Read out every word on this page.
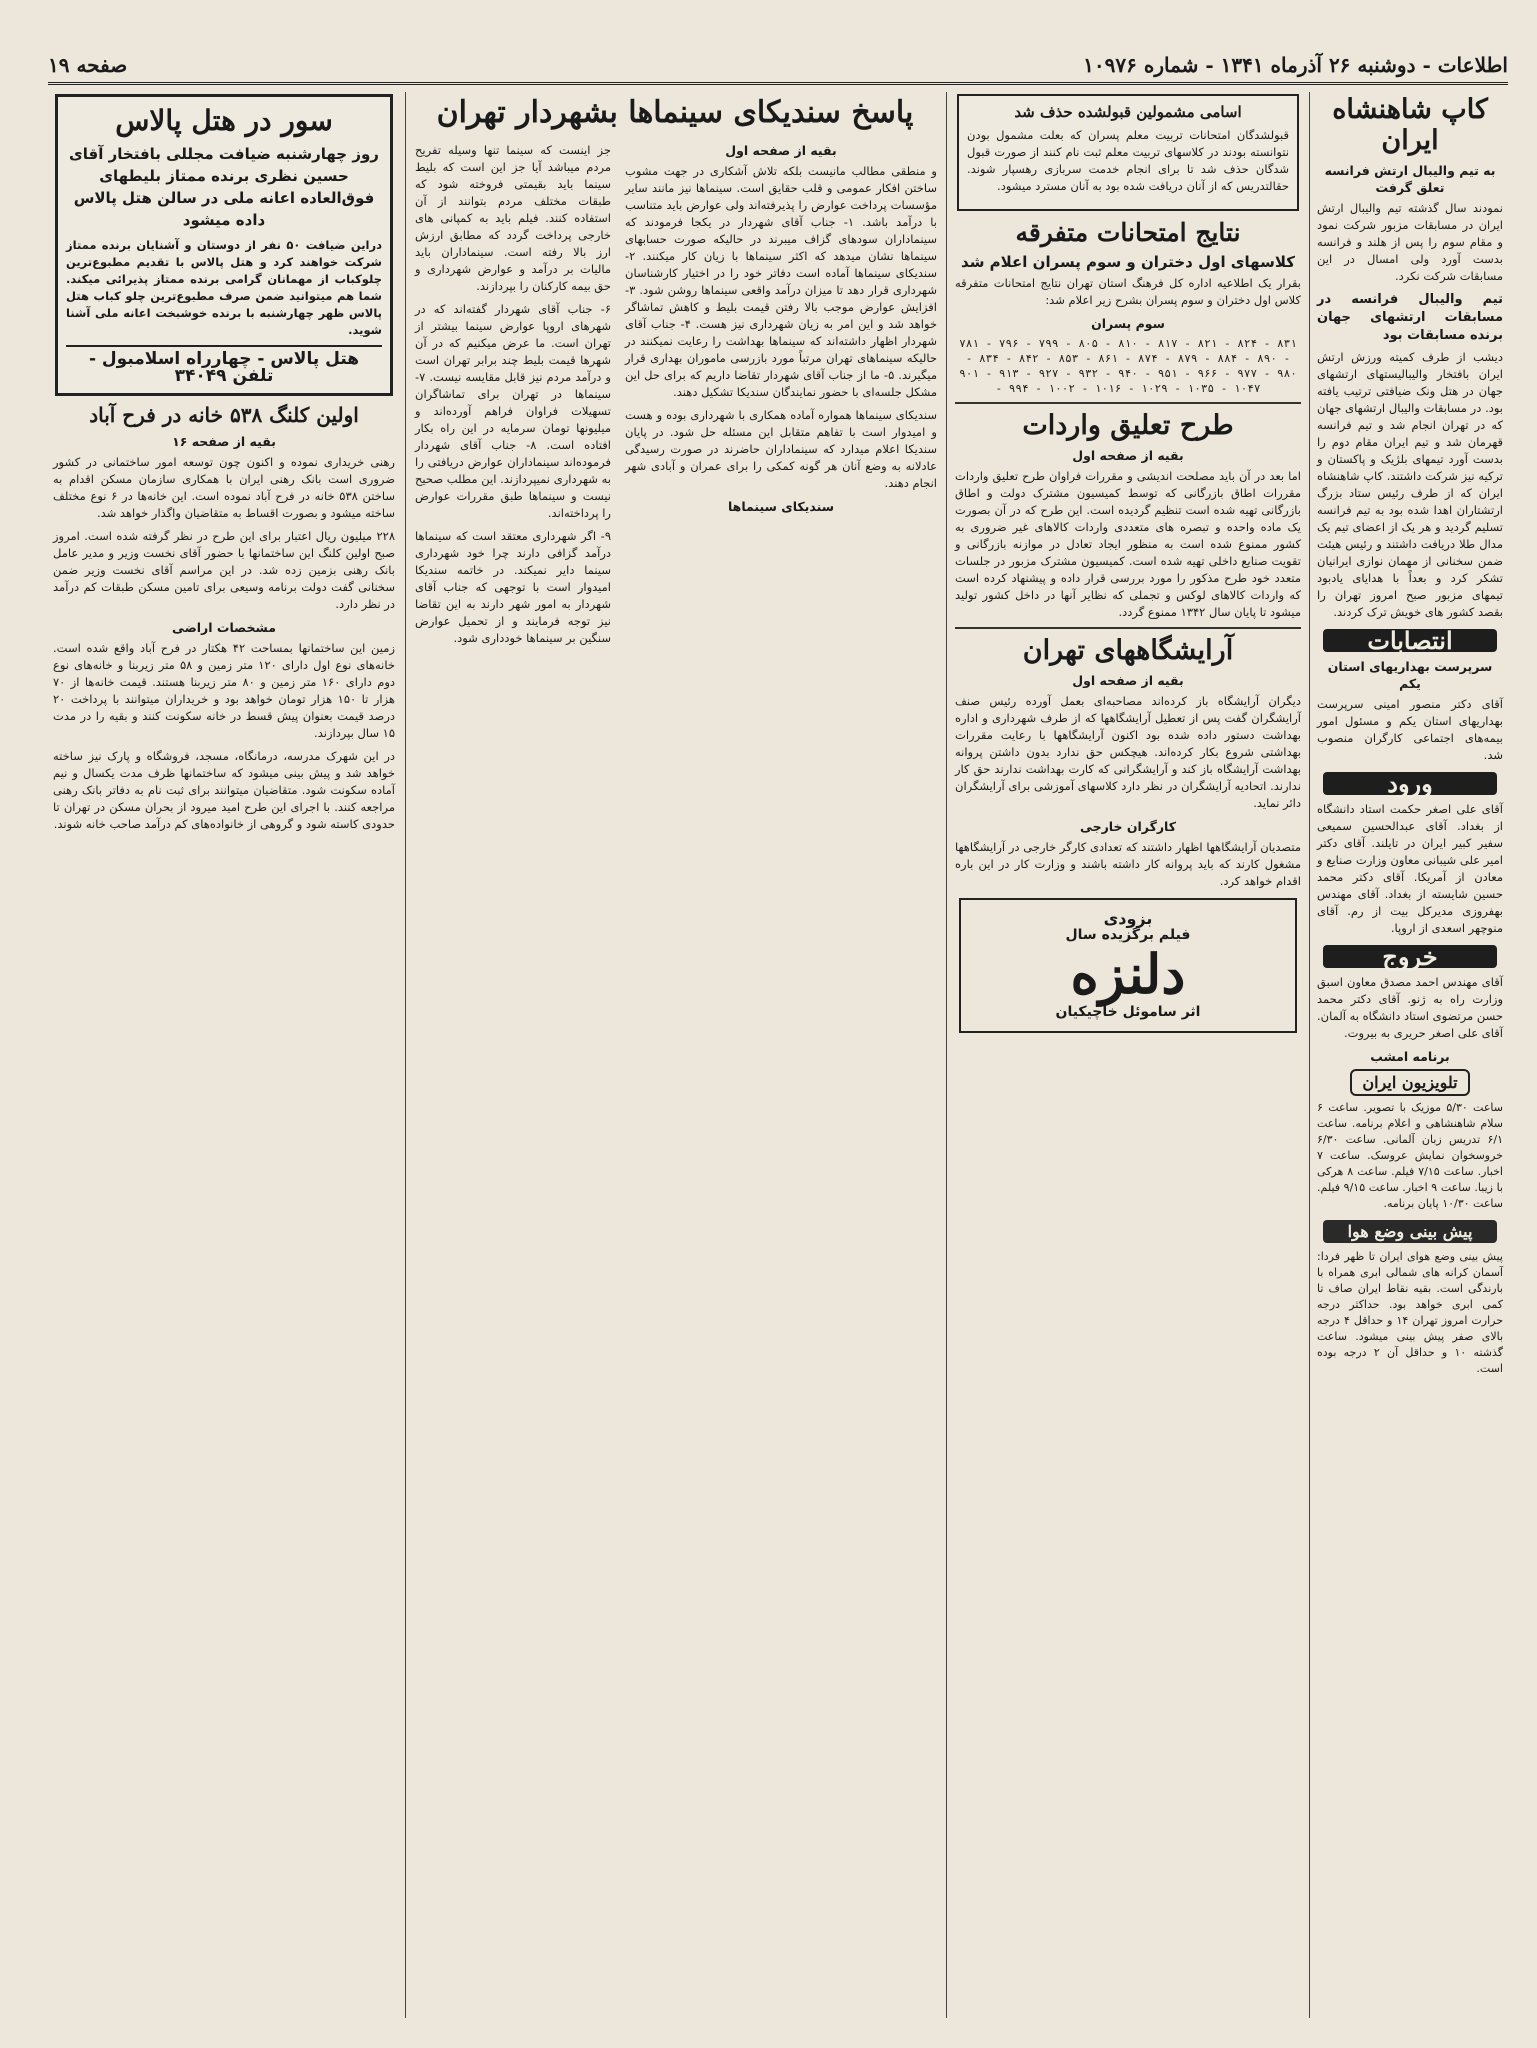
اطلاعات - دوشنبه ۲۶ آذرماه ۱۳۴۱ - شماره ۱۰۹۷۶
صفحه ۱۹
کاپ شاهنشاه ایران
به تیم والیبال ارتش فرانسه تعلق گرفت
نمودند سال گذشته تیم والیبال ارتش ایران در مسابقات مزبور شرکت نمود و مقام سوم را پس از هلند و فرانسه بدست آورد ولی امسال در این مسابقات شرکت نکرد.
تیم والیبال فرانسه در مسابقات ارتشهای جهان برنده مسابقات بود
دیشب از طرف کمیته ورزش ارتش ایران بافتخار والیبالیستهای ارتشهای جهان در هتل ونک ضیافتی ترتیب یافته بود. در مسابقات والیبال ارتشهای جهان که در تهران انجام شد و تیم فرانسه قهرمان شد و تیم ایران مقام دوم را بدست آورد تیمهای بلژیک و پاکستان و ترکیه نیز شرکت داشتند. کاپ شاهنشاه ایران که از طرف رئیس ستاد بزرگ ارتشتاران اهدا شده بود به تیم فرانسه تسلیم گردید و هر یک از اعضای تیم یک مدال طلا دریافت داشتند و رئیس هیئت ضمن سخنانی از مهمان نوازی ایرانیان تشکر کرد و بعداً با هدایای یادبود تیمهای مزبور صبح امروز تهران را بقصد کشور های خویش ترک کردند.
انتصابات
سرپرست بهداریهای استان یکم
آقای دکتر منصور امینی سرپرست بهداریهای استان یکم و مسئول امور بیمه‌های اجتماعی کارگران منصوب شد.
ورود
آقای علی اصغر حکمت استاد دانشگاه از بغداد. آقای عبدالحسین سمیعی سفیر کبیر ایران در تایلند. آقای دکتر امیر علی شیبانی معاون وزارت صنایع و معادن از آمریکا. آقای دکتر محمد حسین شایسته از بغداد. آقای مهندس بهفروزی مدیرکل بیت از رم. آقای منوچهر اسعدی از اروپا.
خروج
آقای مهندس احمد مصدق معاون اسبق وزارت راه به ژنو. آقای دکتر محمد حسن مرتضوی استاد دانشگاه به آلمان. آقای علی اصغر حریری به بیروت.
برنامه امشب
تلویزیون ایران
ساعت ۵/۳۰ موزیک با تصویر. ساعت ۶ سلام شاهنشاهی و اعلام برنامه. ساعت ۶/۱ تدریس زبان آلمانی. ساعت ۶/۳۰ خروسخوان نمایش عروسک. ساعت ۷ اخبار. ساعت ۷/۱۵ فیلم. ساعت ۸ هرکی با زیبا. ساعت ۹ اخبار. ساعت ۹/۱۵ فیلم. ساعت ۱۰/۳۰ پایان برنامه.
پیش بینی وضع هوا
پیش بینی وضع هوای ایران تا ظهر فردا: آسمان کرانه های شمالی ابری همراه با بارندگی است. بقیه نقاط ایران صاف تا کمی ابری خواهد بود. حداکثر درجه حرارت امروز تهران ۱۴ و حداقل ۴ درجه بالای صفر پیش بینی میشود. ساعت گذشته ۱۰ و حداقل آن ۲ درجه بوده است.
اسامی مشمولین قبولشده حذف شد
قبولشدگان امتحانات تربیت معلم پسران که بعلت مشمول بودن نتوانسته بودند در کلاسهای تربیت معلم ثبت نام کنند از صورت قبول شدگان حذف شد تا برای انجام خدمت سربازی رهسپار شوند. حقالتدریس که از آنان دریافت شده بود به آنان مسترد میشود.
نتایج امتحانات متفرقه
کلاسهای اول دختران و سوم پسران اعلام شد
بقرار یک اطلاعیه اداره کل فرهنگ استان تهران نتایج امتحانات متفرقه کلاس اول دختران و سوم پسران بشرح زیر اعلام شد:
سوم پسران
۷۸۱ - ۷۹۶ - ۷۹۹ - ۸۰۵ - ۸۱۰ - ۸۱۷ - ۸۲۱ - ۸۲۴ - ۸۳۱ - ۸۳۴ - ۸۴۲ - ۸۵۳ - ۸۶۱ - ۸۷۴ - ۸۷۹ - ۸۸۴ - ۸۹۰ - ۹۰۱ - ۹۱۳ - ۹۲۷ - ۹۳۲ - ۹۴۰ - ۹۵۱ - ۹۶۶ - ۹۷۷ - ۹۸۰ - ۹۹۴ - ۱۰۰۲ - ۱۰۱۶ - ۱۰۲۹ - ۱۰۳۵ - ۱۰۴۷
طرح تعلیق واردات
بقیه از صفحه اول
اما بعد در آن باید مصلحت اندیشی و مقررات فراوان طرح تعلیق واردات مقررات اطاق بازرگانی که توسط کمیسیون مشترک دولت و اطاق بازرگانی تهیه شده است تنظیم گردیده است. این طرح که در آن بصورت یک ماده واحده و تبصره های متعددی واردات کالاهای غیر ضروری به کشور ممنوع شده است به منظور ایجاد تعادل در موازنه بازرگانی و تقویت صنایع داخلی تهیه شده است. کمیسیون مشترک مزبور در جلسات متعدد خود طرح مذکور را مورد بررسی قرار داده و پیشنهاد کرده است که واردات کالاهای لوکس و تجملی که نظایر آنها در داخل کشور تولید میشود تا پایان سال ۱۳۴۲ ممنوع گردد.
آرایشگاههای تهران
بقیه از صفحه اول
دیگران آرایشگاه باز کرده‌اند مصاحبه‌ای بعمل آورده رئیس صنف آرایشگران گفت پس از تعطیل آرایشگاهها که از طرف شهرداری و اداره بهداشت دستور داده شده بود اکنون آرایشگاهها با رعایت مقررات بهداشتی شروع بکار کرده‌اند. هیچکس حق ندارد بدون داشتن پروانه بهداشت آرایشگاه باز کند و آرایشگرانی که کارت بهداشت ندارند حق کار ندارند. اتحادیه آرایشگران در نظر دارد کلاسهای آموزشی برای آرایشگران دائر نماید.
کارگران خارجی
متصدیان آرایشگاهها اظهار داشتند که تعدادی کارگر خارجی در آرایشگاهها مشغول کارند که باید پروانه کار داشته باشند و وزارت کار در این باره اقدام خواهد کرد.
بزودی
فیلم برگزیده سال
دلنزه
اثر ساموئل خاچیکیان
بقیه از صفحه اول
و منطقی مطالب مانیست بلکه تلاش آشکاری در جهت مشوب ساختن افکار عمومی و قلب حقایق است. سینماها نیز مانند سایر مؤسسات پرداخت عوارض را پذیرفته‌اند ولی عوارض باید متناسب با درآمد باشد. ۱- جناب آقای شهردار در یکجا فرمودند که سینماداران سودهای گزاف میبرند در حالیکه صورت حسابهای سینماها نشان میدهد که اکثر سینماها با زیان کار میکنند. ۲- سندیکای سینماها آماده است دفاتر خود را در اختیار کارشناسان شهرداری قرار دهد تا میزان درآمد واقعی سینماها روشن شود. ۳- افزایش عوارض موجب بالا رفتن قیمت بلیط و کاهش تماشاگر خواهد شد و این امر به زیان شهرداری نیز هست. ۴- جناب آقای شهردار اظهار داشته‌اند که سینماها بهداشت را رعایت نمیکنند در حالیکه سینماهای تهران مرتباً مورد بازرسی ماموران بهداری قرار میگیرند. ۵- ما از جناب آقای شهردار تقاضا داریم که برای حل این مشکل جلسه‌ای با حضور نمایندگان سندیکا تشکیل دهند.
سندیکای سینماها همواره آماده همکاری با شهرداری بوده و هست و امیدوار است با تفاهم متقابل این مسئله حل شود. در پایان سندیکا اعلام میدارد که سینماداران حاضرند در صورت رسیدگی عادلانه به وضع آنان هر گونه کمکی را برای عمران و آبادی شهر انجام دهند.
سندیکای سینماها
پاسخ سندیکای سینماها بشهردار تهران
جز اینست که سینما تنها وسیله تفریح مردم میباشد آیا جز این است که بلیط سینما باید بقیمتی فروخته شود که طبقات مختلف مردم بتوانند از آن استفاده کنند. فیلم باید به کمپانی های خارجی پرداخت گردد که مطابق ارزش ارز بالا رفته است. سینماداران باید مالیات بر درآمد و عوارض شهرداری و حق بیمه کارکنان را بپردازند.
۶- جناب آقای شهردار گفته‌اند که در شهرهای اروپا عوارض سینما بیشتر از تهران است. ما عرض میکنیم که در آن شهرها قیمت بلیط چند برابر تهران است و درآمد مردم نیز قابل مقایسه نیست. ۷- سینماها در تهران برای تماشاگران تسهیلات فراوان فراهم آورده‌اند و میلیونها تومان سرمایه در این راه بکار افتاده است. ۸- جناب آقای شهردار فرموده‌اند سینماداران عوارض دریافتی را به شهرداری نمیپردازند. این مطلب صحیح نیست و سینماها طبق مقررات عوارض را پرداخته‌اند.
۹- اگر شهرداری معتقد است که سینماها درآمد گزافی دارند چرا خود شهرداری سینما دایر نمیکند. در خاتمه سندیکا امیدوار است با توجهی که جناب آقای شهردار به امور شهر دارند به این تقاضا نیز توجه فرمایند و از تحمیل عوارض سنگین بر سینماها خودداری شود.
سور در هتل پالاس
روز چهارشنبه ضیافت مجللی بافتخار آقای حسین نظری برنده ممتاز بلیطهای فوق‌العاده اعانه ملی در سالن هتل پالاس داده میشود
دراین ضیافت ۵۰ نفر از دوستان و آشنایان برنده ممتاز شرکت خواهند کرد و هتل پالاس با تقدیم مطبوع‌ترین چلوکباب از مهمانان گرامی برنده ممتاز پذیرائی میکند. شما هم میتوانید ضمن صرف مطبوع‌ترین چلو کباب هتل پالاس ظهر چهارشنبه با برنده خوشبخت اعانه ملی آشنا شوید.
هتل پالاس - چهارراه اسلامبول - تلفن ۳۴۰۴۹
اولین کلنگ ۵۳۸ خانه در فرح آباد
بقیه از صفحه ۱۶
رهنی خریداری نموده و اکنون چون توسعه امور ساختمانی در کشور ضروری است بانک رهنی ایران با همکاری سازمان مسکن اقدام به ساختن ۵۳۸ خانه در فرح آباد نموده است. این خانه‌ها در ۶ نوع مختلف ساخته میشود و بصورت اقساط به متقاضیان واگذار خواهد شد.
۲۲۸ میلیون ریال اعتبار برای این طرح در نظر گرفته شده است. امروز صبح اولین کلنگ این ساختمانها با حضور آقای نخست وزیر و مدیر عامل بانک رهنی بزمین زده شد. در این مراسم آقای نخست وزیر ضمن سخنانی گفت دولت برنامه وسیعی برای تامین مسکن طبقات کم درآمد در نظر دارد.
مشخصات اراضی
زمین این ساختمانها بمساحت ۴۲ هکتار در فرح آباد واقع شده است. خانه‌های نوع اول دارای ۱۲۰ متر زمین و ۵۸ متر زیربنا و خانه‌های نوع دوم دارای ۱۶۰ متر زمین و ۸۰ متر زیربنا هستند. قیمت خانه‌ها از ۷۰ هزار تا ۱۵۰ هزار تومان خواهد بود و خریداران میتوانند با پرداخت ۲۰ درصد قیمت بعنوان پیش قسط در خانه سکونت کنند و بقیه را در مدت ۱۵ سال بپردازند.
در این شهرک مدرسه، درمانگاه، مسجد، فروشگاه و پارک نیز ساخته خواهد شد و پیش بینی میشود که ساختمانها ظرف مدت یکسال و نیم آماده سکونت شود. متقاضیان میتوانند برای ثبت نام به دفاتر بانک رهنی مراجعه کنند. با اجرای این طرح امید میرود از بحران مسکن در تهران تا حدودی کاسته شود و گروهی از خانواده‌های کم درآمد صاحب خانه شوند.
